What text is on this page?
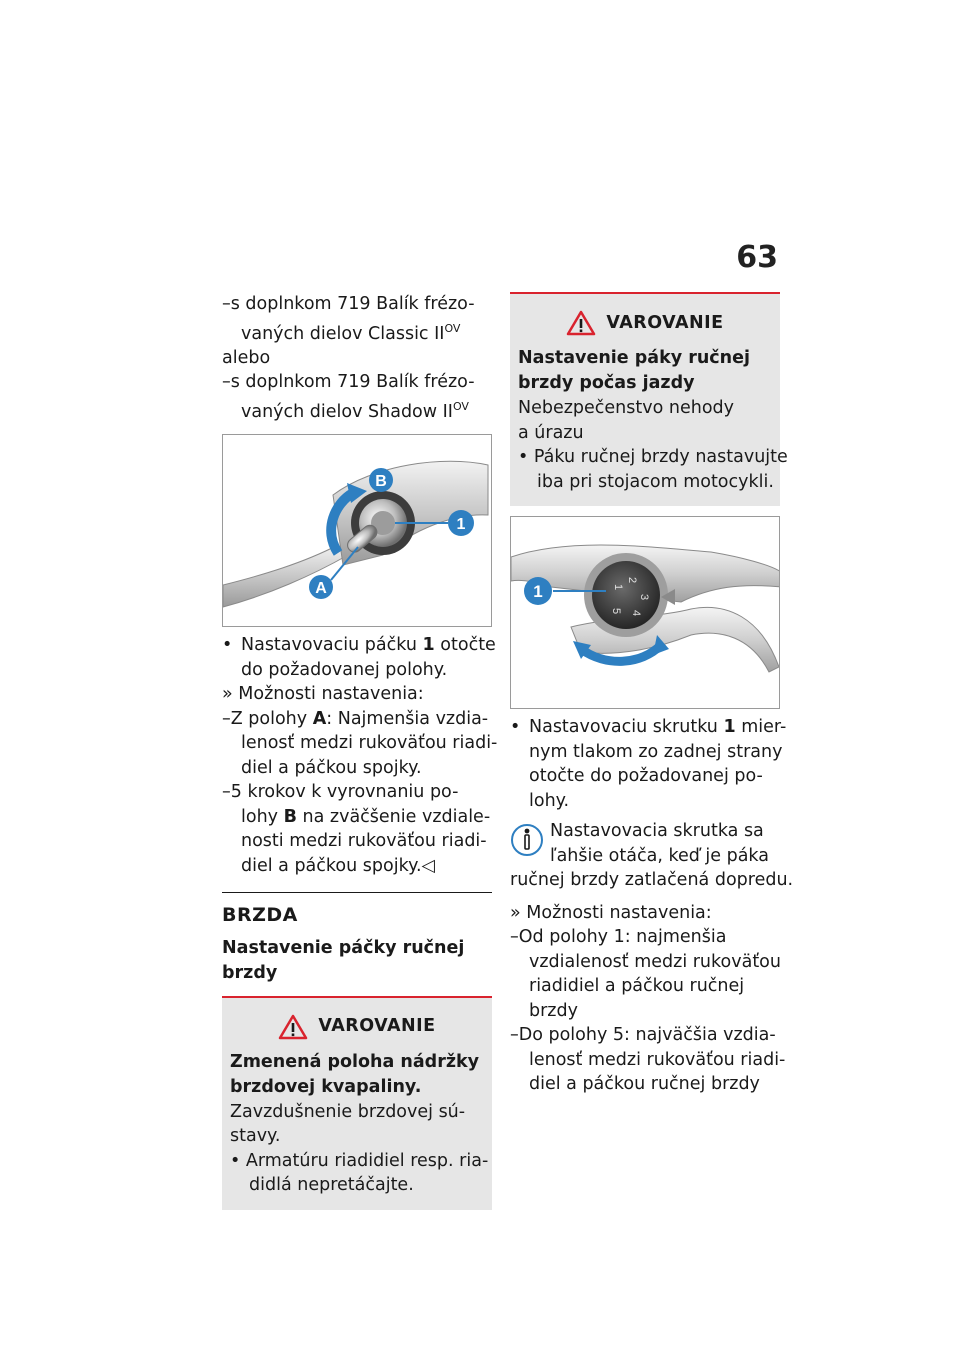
63
–s doplnkom 719 Balík frézo-
vaných dielov Classic $II^{OV}$
alebo
–s doplnkom 719 Balík frézo-
vaných dielov Shadow $II^{OV}$
B
1
A
• Nastavovaciu páčku 1 otočte
do požadovanej polohy.
» Možnosti nastavenia:
–Z polohy A: Najmenšia vzdia-
lenosť medzi rukoväťou riadi-
diel a páčkou spojky.
–5 krokov k vyrovnaniu po-
lohy B na zväčšenie vzdiale-
nosti medzi rukoväťou riadi-
diel a páčkou spojky.◁
BRZDA
Nastavenie páčky ručnej
brzdy
VAROVANIE
Zmenená poloha nádržky
brzdovej kvapaliny.
Zavzdušnenie brzdovej sú-
stavy.
• Armatúru riadidiel resp. ria-
didlá nepretáčajte.
VAROVANIE
Nastavenie páky ručnej
brzdy počas jazdy
Nebezpečenstvo nehody
a úrazu
• Páku ručnej brzdy nastavujte
iba pri stojacom motocykli.
2
1
3
4
5
1
• Nastavovaciu skrutku 1 mier-
nym tlakom zo zadnej strany
otočte do požadovanej po-
lohy.
Nastavovacia skrutka sa
ľahšie otáča, keď je páka
ručnej brzdy zatlačená dopredu.
» Možnosti nastavenia:
–Od polohy 1: najmenšia
vzdialenosť medzi rukoväťou
riadidiel a páčkou ručnej
brzdy
–Do polohy 5: najväčšia vzdia-
lenosť medzi rukoväťou riadi-
diel a páčkou ručnej brzdy
